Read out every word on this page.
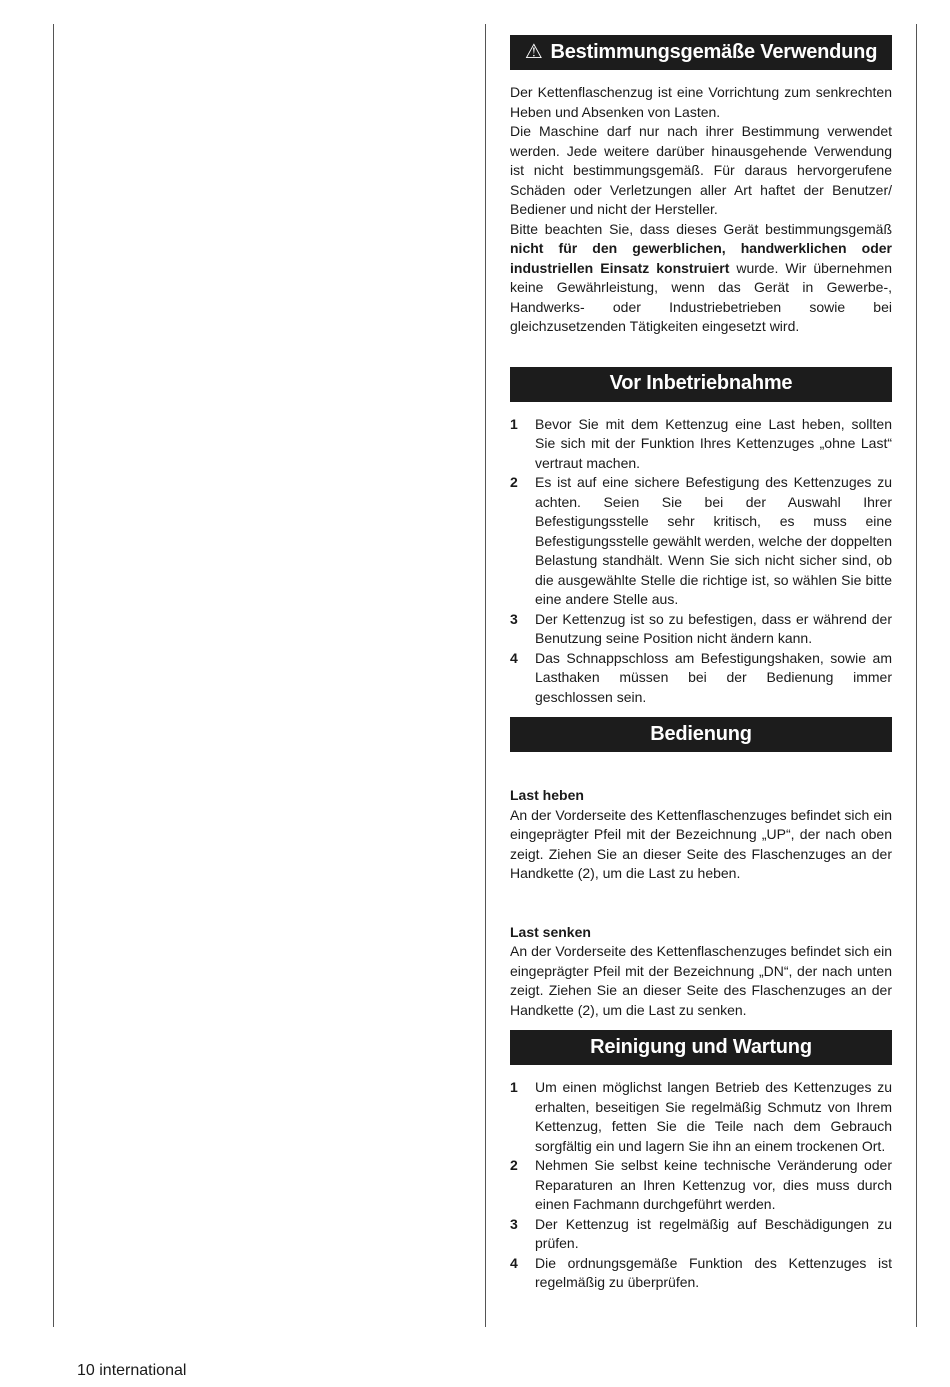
⚠ Bestimmungsgemäße Verwendung

Der Kettenflaschenzug ist eine Vorrichtung zum senkrechten Heben und Absenken von Lasten.

Die Maschine darf nur nach ihrer Bestimmung verwendet werden. Jede weitere darüber hinausgehende Verwendung ist nicht bestimmungsgemäß. Für daraus hervorgerufene Schäden oder Verletzungen aller Art haftet der Benutzer/ Bediener und nicht der Hersteller.

Bitte beachten Sie, dass dieses Gerät bestimmungsgemäß nicht für den gewerblichen, handwerklichen oder industriellen Einsatz konstruiert wurde. Wir übernehmen keine Gewährleistung, wenn das Gerät in Gewerbe-, Handwerks- oder Industriebetrieben sowie bei gleichzusetzenden Tätigkeiten eingesetzt wird.

Vor Inbetriebnahme
1 Bevor Sie mit dem Kettenzug eine Last heben, sollten Sie sich mit der Funktion Ihres Kettenzuges „ohne Last“ vertraut machen.
2 Es ist auf eine sichere Befestigung des Kettenzuges zu achten. Seien Sie bei der Auswahl Ihrer Befestigungsstelle sehr kritisch, es muss eine Befestigungsstelle gewählt werden, welche der doppelten Belastung standhält. Wenn Sie sich nicht sicher sind, ob die ausgewählte Stelle die richtige ist, so wählen Sie bitte eine andere Stelle aus.
3 Der Kettenzug ist so zu befestigen, dass er während der Benutzung seine Position nicht ändern kann.
4 Das Schnappschloss am Befestigungshaken, sowie am Lasthaken müssen bei der Bedienung immer geschlossen sein.
Bedienung

Last heben

An der Vorderseite des Kettenflaschenzuges befindet sich ein eingeprägter Pfeil mit der Bezeichnung „UP“, der nach oben zeigt. Ziehen Sie an dieser Seite des Flaschenzuges an der Handkette (2), um die Last zu heben.

Last senken

An der Vorderseite des Kettenflaschenzuges befindet sich ein eingeprägter Pfeil mit der Bezeichnung „DN“, der nach unten zeigt. Ziehen Sie an dieser Seite des Flaschenzuges an der Handkette (2), um die Last zu senken.

Reinigung und Wartung
1 Um einen möglichst langen Betrieb des Kettenzuges zu erhalten, beseitigen Sie regelmäßig Schmutz von Ihrem Kettenzug, fetten Sie die Teile nach dem Gebrauch sorgfältig ein und lagern Sie ihn an einem trockenen Ort.
2 Nehmen Sie selbst keine technische Veränderung oder Reparaturen an Ihren Kettenzug vor, dies muss durch einen Fachmann durchgeführt werden.
3 Der Kettenzug ist regelmäßig auf Beschädigungen zu prüfen.
4 Die ordnungsgemäße Funktion des Kettenzuges ist regelmäßig zu überprüfen.
10 international
